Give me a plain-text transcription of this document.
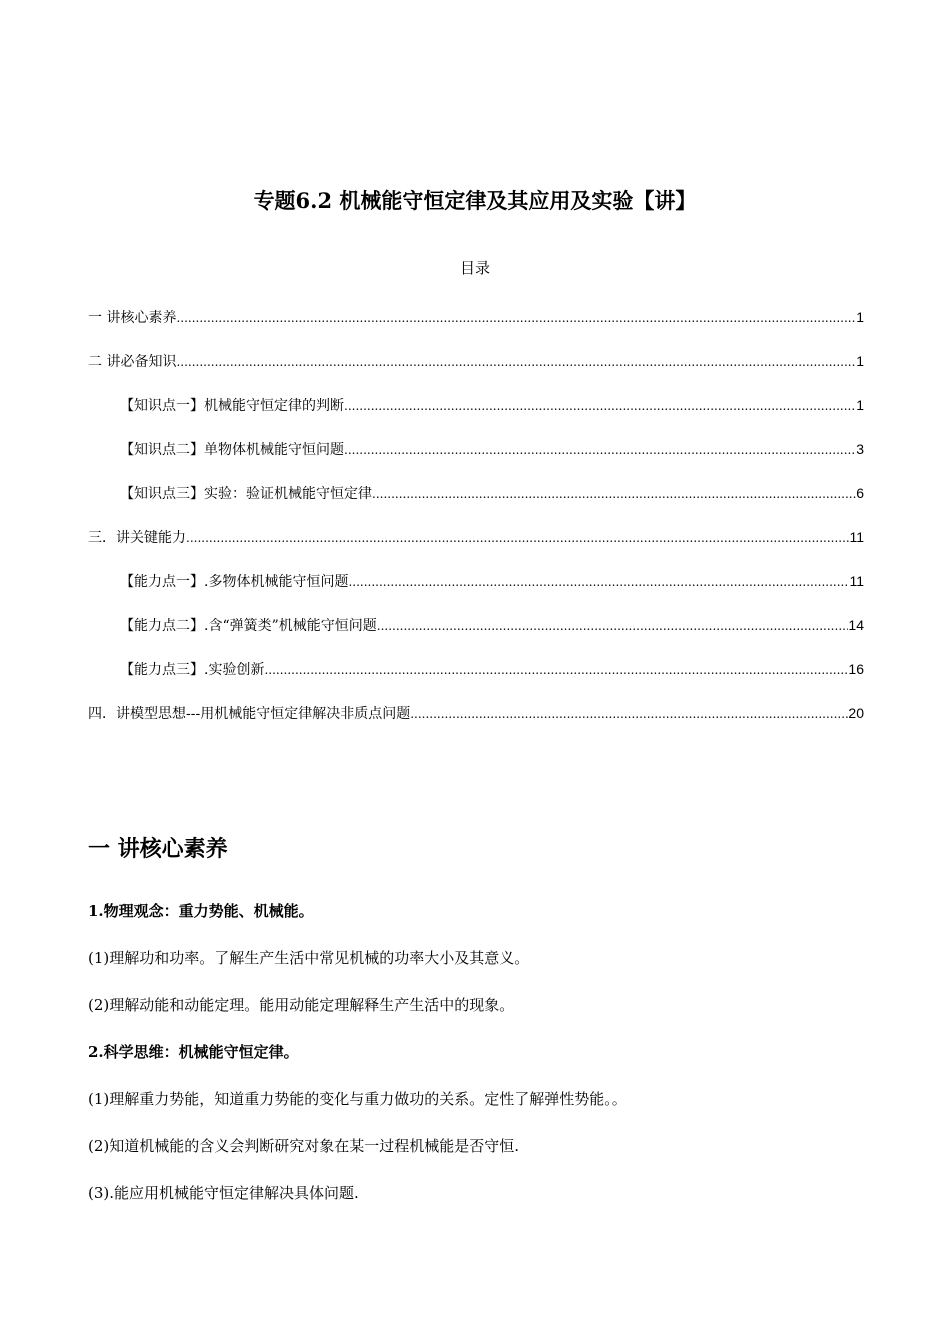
专题6.2 机械能守恒定律及其应用及实验【讲】
目录
一 讲核心素养 .....	1
二 讲必备知识 .....	1
【知识点一】机械能守恒定律的判断 .....	1
【知识点二】单物体机械能守恒问题 .....	3
【知识点三】实验：验证机械能守恒定律 .....	6
三．讲关键能力 .....	11
【能力点一】.多物体机械能守恒问题 .....	11
【能力点二】.含“弹簧类”机械能守恒问题 .....	14
【能力点三】.实验创新 .....	16
四．讲模型思想---用机械能守恒定律解决非质点问题 .....	20
一 讲核心素养
1.物理观念：重力势能、机械能。
(1)理解功和功率。了解生产生活中常见机械的功率大小及其意义。
(2)理解动能和动能定理。能用动能定理解释生产生活中的现象。
2.科学思维：机械能守恒定律。
(1)理解重力势能，知道重力势能的变化与重力做功的关系。定性了解弹性势能。。
(2)知道机械能的含义会判断研究对象在某一过程机械能是否守恒.
(3).能应用机械能守恒定律解决具体问题.
